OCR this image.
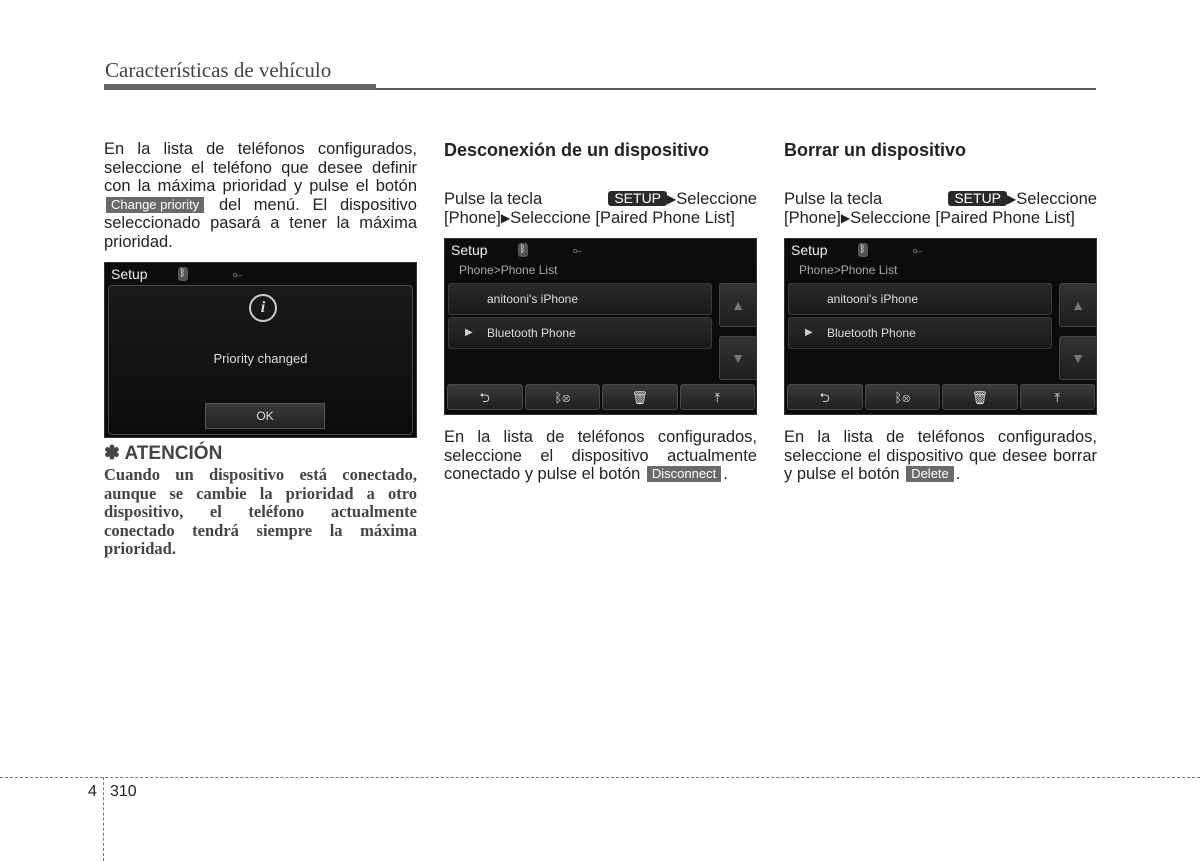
Características de vehículo

En la lista de teléfonos configurados, seleccione el teléfono que desee definir con la máxima prioridad y pulse el botón Change priority del menú. El dispositivo seleccionado pasará a tener la máxima prioridad.

Setup	ᛒ	⟜
i
Priority changed
OK
✽ ATENCIÓN
Cuando un dispositivo está conectado, aunque se cambie la prioridad a otro dispositivo, el teléfono actualmente conectado tendrá siempre la máxima prioridad.
Desconexión de un dispositivo

Pulse la tecla	SETUP ▶Seleccione

[Phone]▶Seleccione [Paired Phone List]

Setup	ᛒ	⟜
Phone>Phone List
anitooni's iPhone
▶ Bluetooth Phone
▲
▼
⮌	ᛒ⊗	🗑	⤒

En la lista de teléfonos configurados, seleccione el dispositivo actualmente conectado y pulse el botón Disconnect .

Borrar un dispositivo

Pulse la tecla	SETUP ▶Seleccione

[Phone]▶Seleccione [Paired Phone List]

Setup	ᛒ	⟜
Phone>Phone List
anitooni's iPhone
▶ Bluetooth Phone
▲
▼
⮌	ᛒ⊗	🗑	⤒

En la lista de teléfonos configurados, seleccione el dispositivo que desee borrar y pulse el botón Delete .

4 310
